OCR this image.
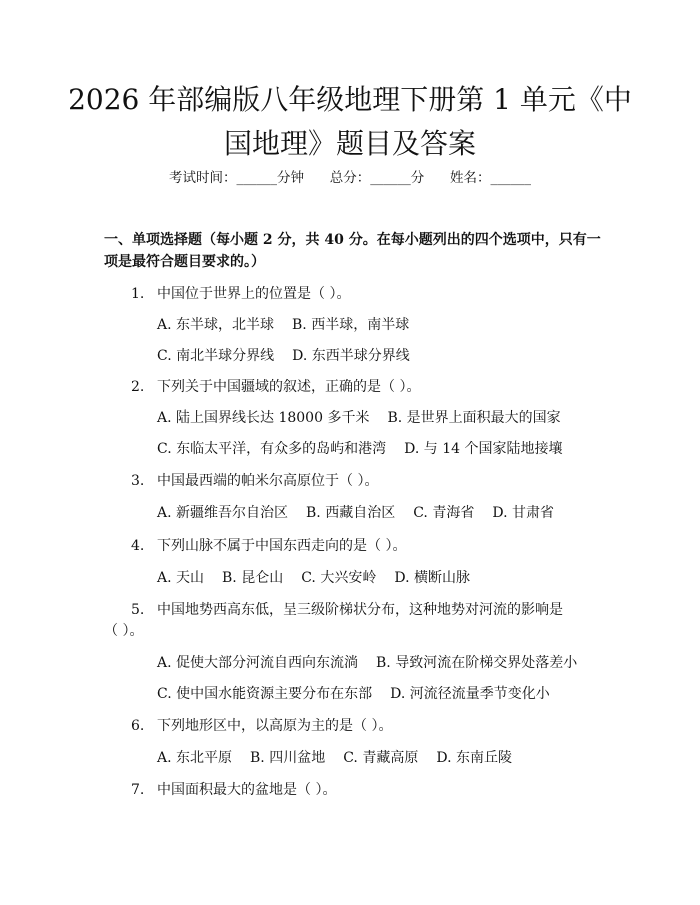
2026 年部编版八年级地理下册第 1 单元《中
国地理》题目及答案
考试时间：______分钟      总分：______分      姓名：______

一、单项选择题（每小题 2 分，共 40 分。在每小题列出的四个选项中，只有一项是最符合题目要求的。）

1. 中国位于世界上的位置是（ ）。
A. 东半球，北半球 B. 西半球，南半球
C. 南北半球分界线 D. 东西半球分界线
2. 下列关于中国疆域的叙述，正确的是（ ）。
A. 陆上国界线长达 18000 多千米 B. 是世界上面积最大的国家
C. 东临太平洋，有众多的岛屿和港湾 D. 与 14 个国家陆地接壤
3. 中国最西端的帕米尔高原位于（ ）。
A. 新疆维吾尔自治区 B. 西藏自治区 C. 青海省 D. 甘肃省
4. 下列山脉不属于中国东西走向的是（ ）。
A. 天山 B. 昆仑山 C. 大兴安岭 D. 横断山脉
5. 中国地势西高东低，呈三级阶梯状分布，这种地势对河流的影响是
（ ）。
A. 促使大部分河流自西向东流淌 B. 导致河流在阶梯交界处落差小
C. 使中国水能资源主要分布在东部 D. 河流径流量季节变化小
6. 下列地形区中，以高原为主的是（ ）。
A. 东北平原 B. 四川盆地 C. 青藏高原 D. 东南丘陵
7. 中国面积最大的盆地是（ ）。
